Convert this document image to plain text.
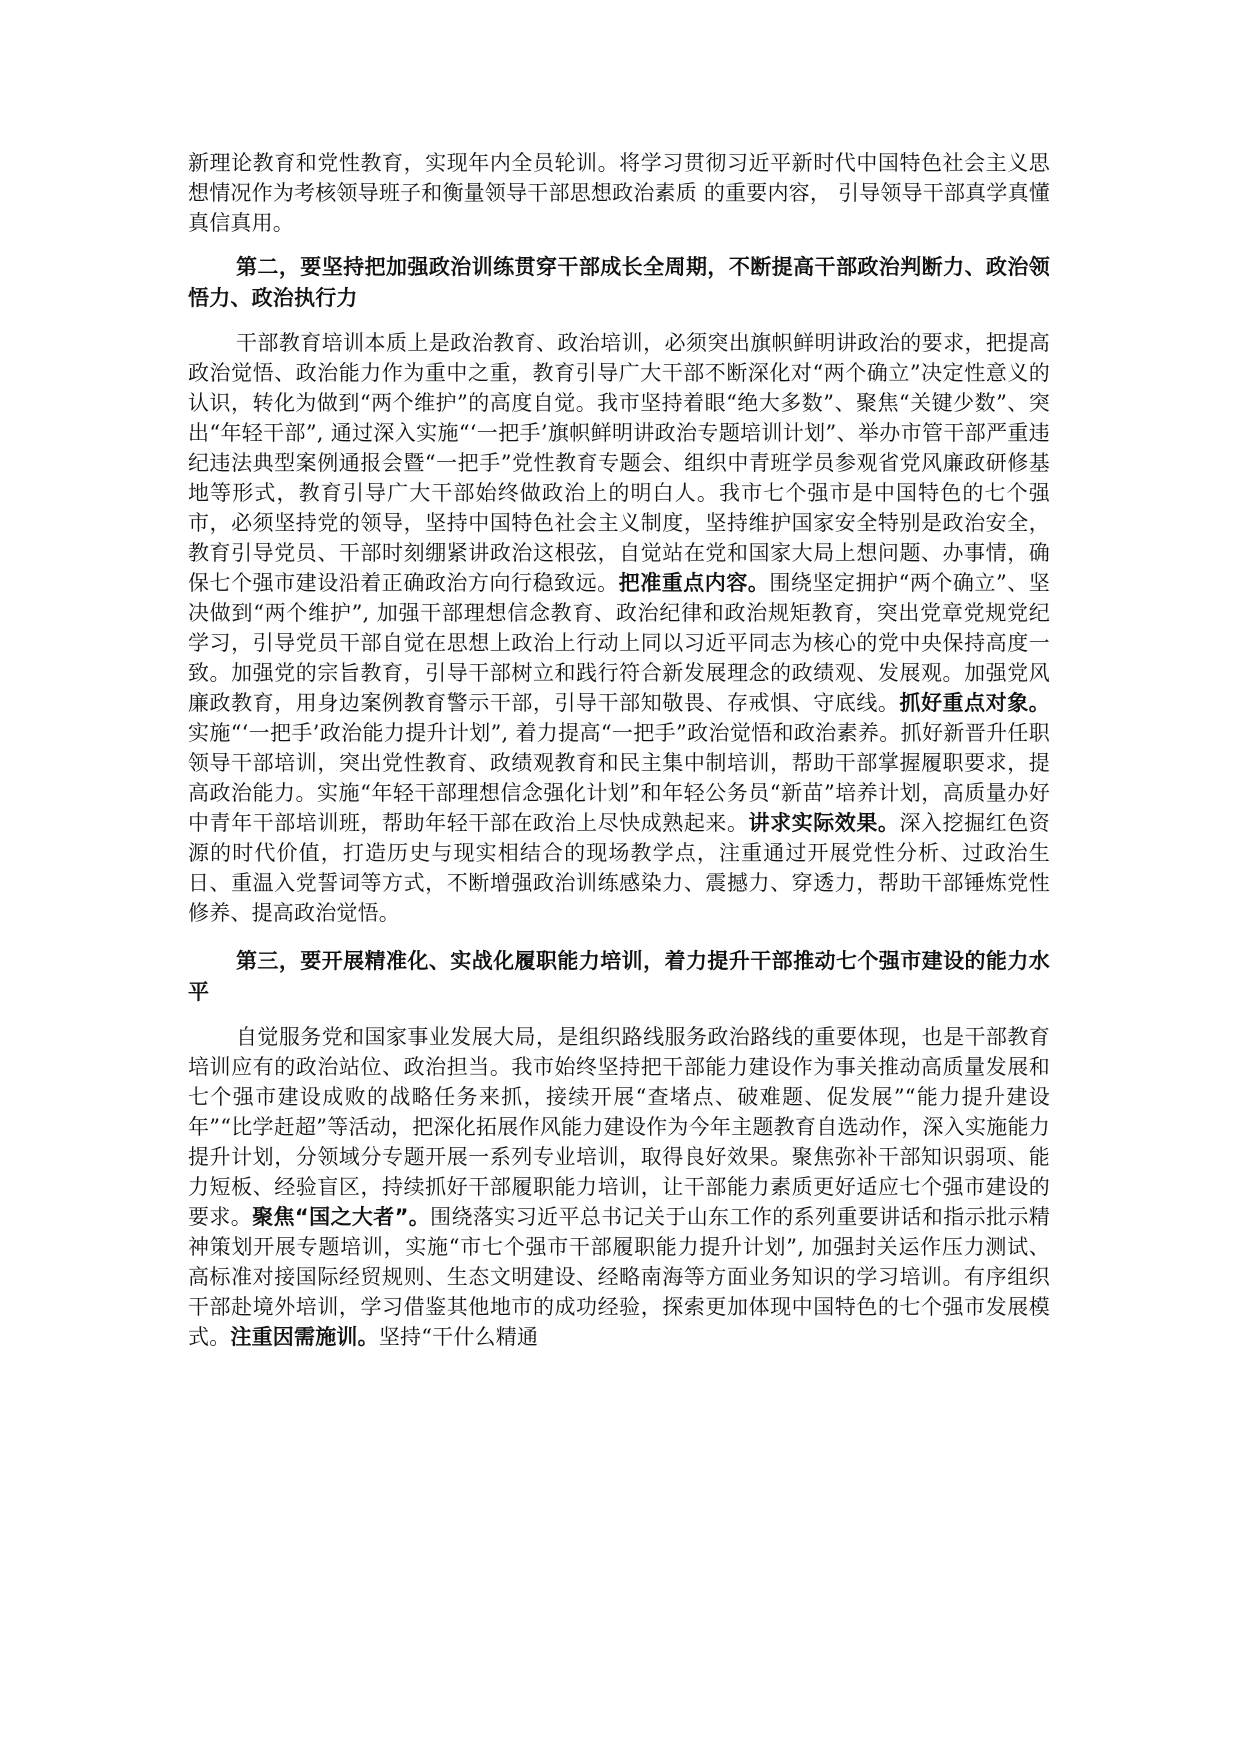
新理论教育和党性教育，实现年内全员轮训。将学习贯彻习近平新时代中国特色社会主义思想情况作为考核领导班子和衡量领导干部思想政治素质 的重要内容， 引导领导干部真学真懂真信真用。

第二，要坚持把加强政治训练贯穿干部成长全周期，不断提高干部政治判断力、政治领悟力、政治执行力

干部教育培训本质上是政治教育、政治培训，必须突出旗帜鲜明讲政治的要求，把提高政治觉悟、政治能力作为重中之重，教育引导广大干部不断深化对“两个确立”决定性意义的认识，转化为做到“两个维护”的高度自觉。我市坚持着眼“绝大多数”、聚焦“关键少数”、突出“年轻干部”, 通过深入实施“‘一把手’旗帜鲜明讲政治专题培训计划”、举办市管干部严重违纪违法典型案例通报会暨“一把手”党性教育专题会、组织中青班学员参观省党风廉政研修基地等形式，教育引导广大干部始终做政治上的明白人。我市七个强市是中国特色的七个强市，必须坚持党的领导，坚持中国特色社会主义制度，坚持维护国家安全特别是政治安全，教育引导党员、干部时刻绷紧讲政治这根弦，自觉站在党和国家大局上想问题、办事情，确保七个强市建设沿着正确政治方向行稳致远。把准重点内容。围绕坚定拥护“两个确立”、坚决做到“两个维护”, 加强干部理想信念教育、政治纪律和政治规矩教育，突出党章党规党纪学习，引导党员干部自觉在思想上政治上行动上同以习近平同志为核心的党中央保持高度一致。加强党的宗旨教育，引导干部树立和践行符合新发展理念的政绩观、发展观。加强党风廉政教育，用身边案例教育警示干部，引导干部知敬畏、存戒惧、守底线。抓好重点对象。实施“‘一把手’政治能力提升计划”, 着力提高“一把手”政治觉悟和政治素养。抓好新晋升任职领导干部培训，突出党性教育、政绩观教育和民主集中制培训，帮助干部掌握履职要求，提高政治能力。实施“年轻干部理想信念强化计划”和年轻公务员“新苗”培养计划，高质量办好中青年干部培训班，帮助年轻干部在政治上尽快成熟起来。讲求实际效果。深入挖掘红色资源的时代价值，打造历史与现实相结合的现场教学点，注重通过开展党性分析、过政治生日、重温入党誓词等方式，不断增强政治训练感染力、震撼力、穿透力，帮助干部锤炼党性修养、提高政治觉悟。

第三，要开展精准化、实战化履职能力培训，着力提升干部推动七个强市建设的能力水平

自觉服务党和国家事业发展大局，是组织路线服务政治路线的重要体现，也是干部教育培训应有的政治站位、政治担当。我市始终坚持把干部能力建设作为事关推动高质量发展和七个强市建设成败的战略任务来抓，接续开展“查堵点、破难题、促发展”“能力提升建设年”“比学赶超”等活动，把深化拓展作风能力建设作为今年主题教育自选动作，深入实施能力提升计划，分领域分专题开展一系列专业培训，取得良好效果。聚焦弥补干部知识弱项、能力短板、经验盲区，持续抓好干部履职能力培训，让干部能力素质更好适应七个强市建设的要求。聚焦“国之大者”。围绕落实习近平总书记关于山东工作的系列重要讲话和指示批示精神策划开展专题培训，实施“市七个强市干部履职能力提升计划”, 加强封关运作压力测试、高标准对接国际经贸规则、生态文明建设、经略南海等方面业务知识的学习培训。有序组织干部赴境外培训，学习借鉴其他地市的成功经验，探索更加体现中国特色的七个强市发展模式。注重因需施训。坚持“干什么精通
